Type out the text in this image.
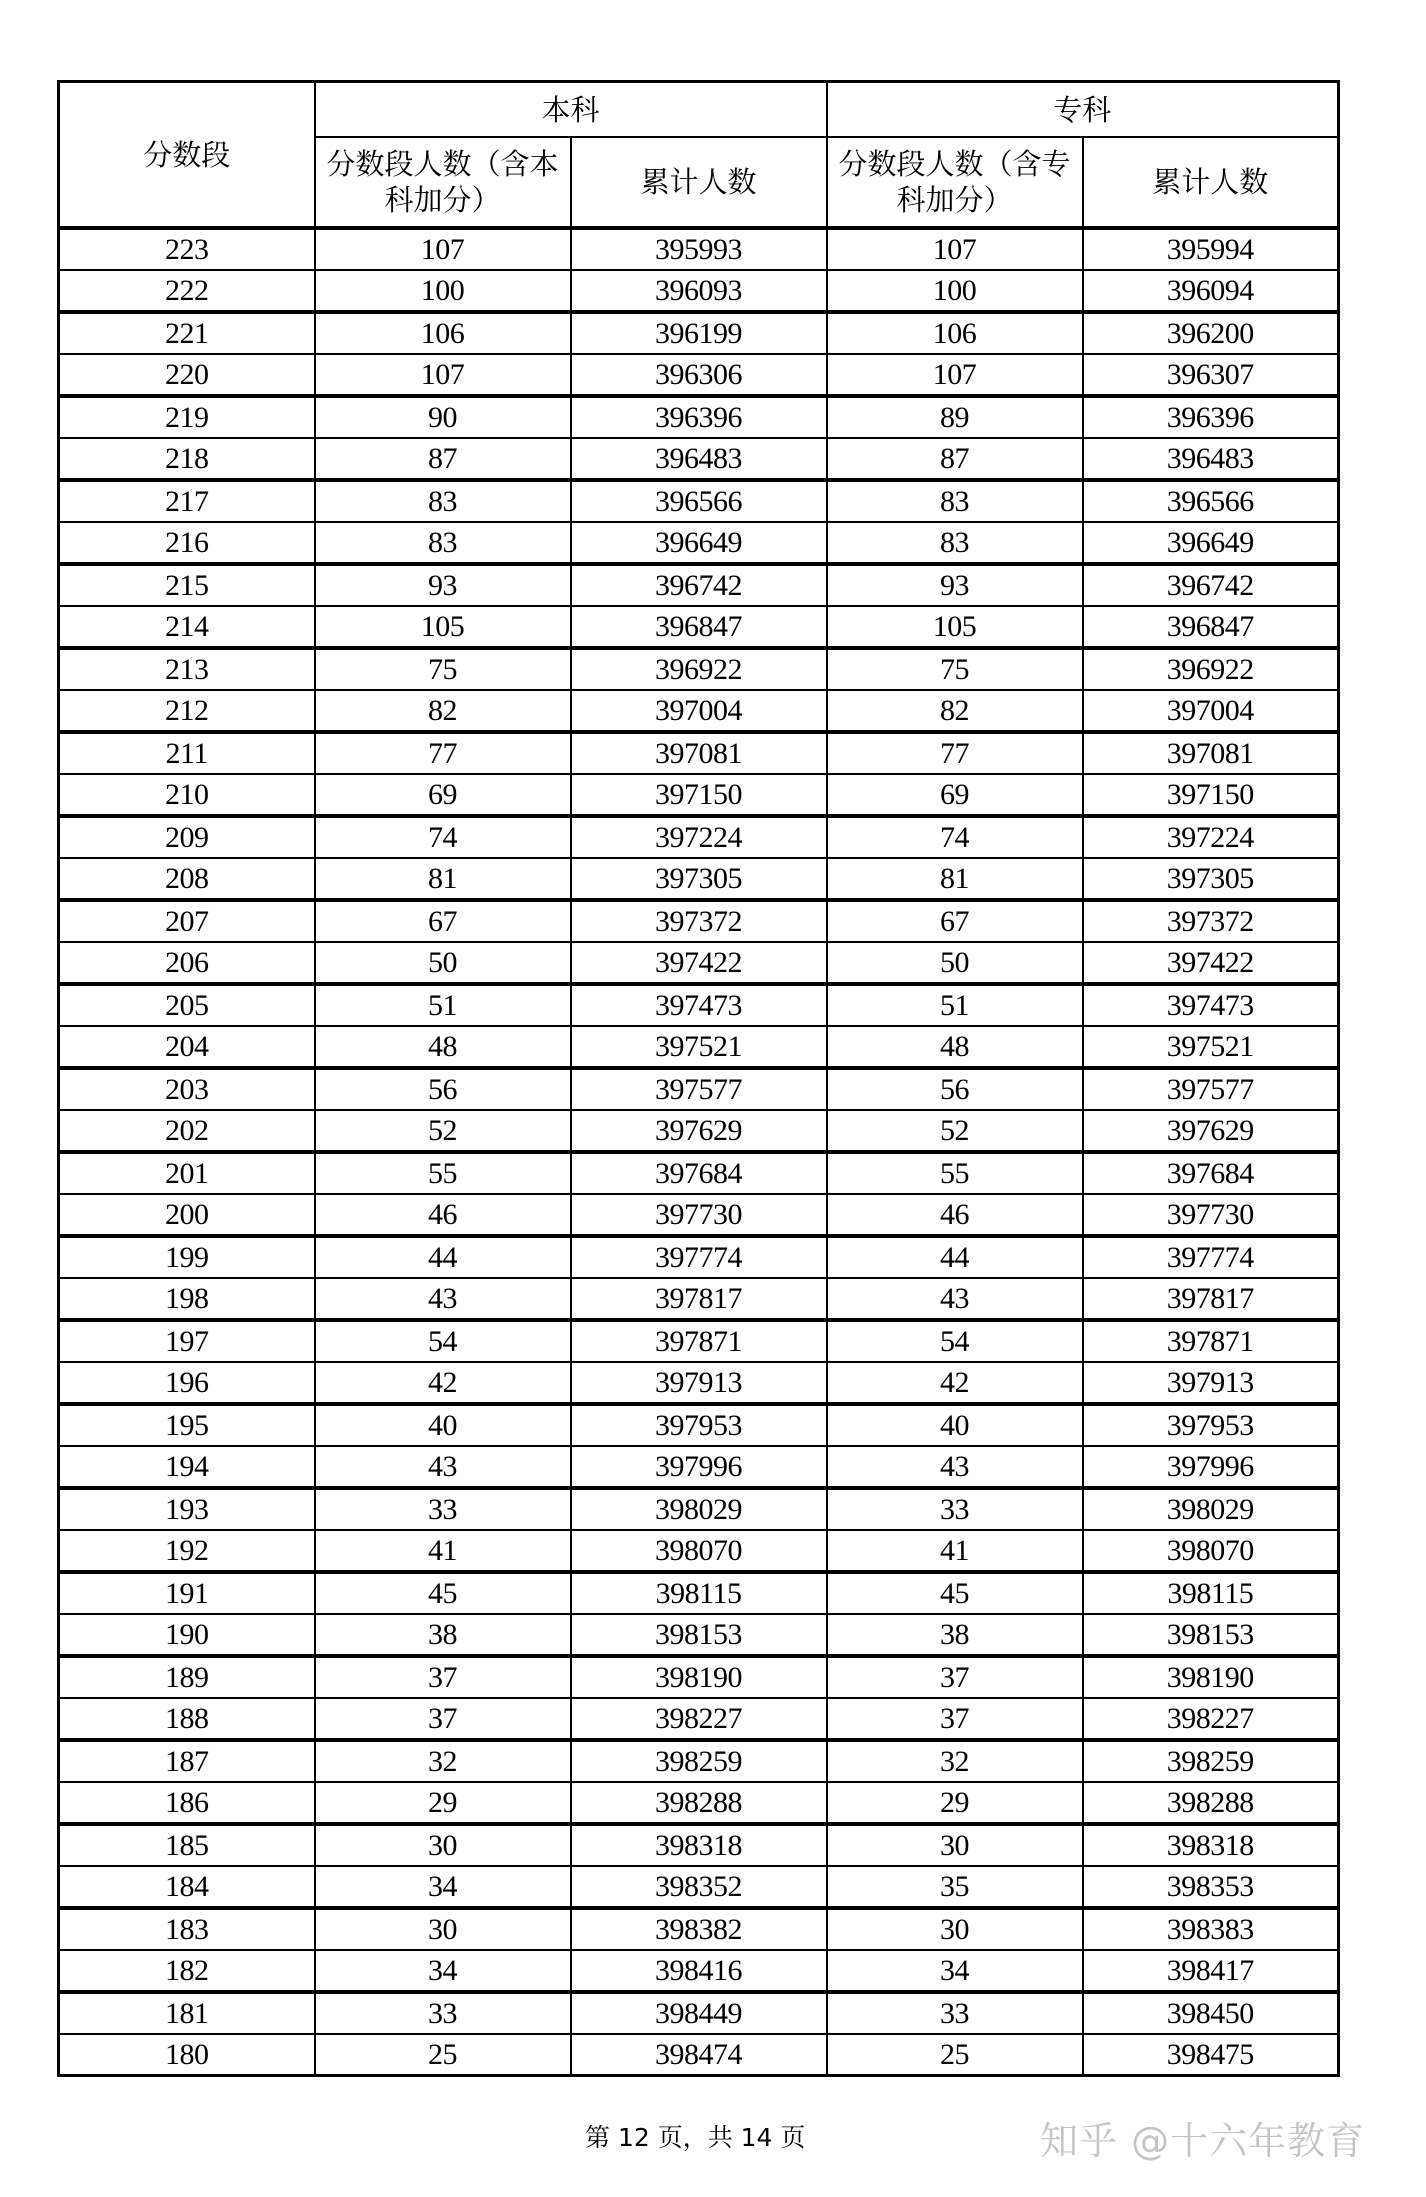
分数段	本科		专科	
	分数段人数（含本科加分）	累计人数	分数段人数（含专科加分）	累计人数
223	107	395993	107	395994
222	100	396093	100	396094
221	106	396199	106	396200
220	107	396306	107	396307
219	90	396396	89	396396
218	87	396483	87	396483
217	83	396566	83	396566
216	83	396649	83	396649
215	93	396742	93	396742
214	105	396847	105	396847
213	75	396922	75	396922
212	82	397004	82	397004
211	77	397081	77	397081
210	69	397150	69	397150
209	74	397224	74	397224
208	81	397305	81	397305
207	67	397372	67	397372
206	50	397422	50	397422
205	51	397473	51	397473
204	48	397521	48	397521
203	56	397577	56	397577
202	52	397629	52	397629
201	55	397684	55	397684
200	46	397730	46	397730
199	44	397774	44	397774
198	43	397817	43	397817
197	54	397871	54	397871
196	42	397913	42	397913
195	40	397953	40	397953
194	43	397996	43	397996
193	33	398029	33	398029
192	41	398070	41	398070
191	45	398115	45	398115
190	38	398153	38	398153
189	37	398190	37	398190
188	37	398227	37	398227
187	32	398259	32	398259
186	29	398288	29	398288
185	30	398318	30	398318
184	34	398352	35	398353
183	30	398382	30	398383
182	34	398416	34	398417
181	33	398449	33	398450
180	25	398474	25	398475
第 12 页，共 14 页	知乎 @十六年教育
